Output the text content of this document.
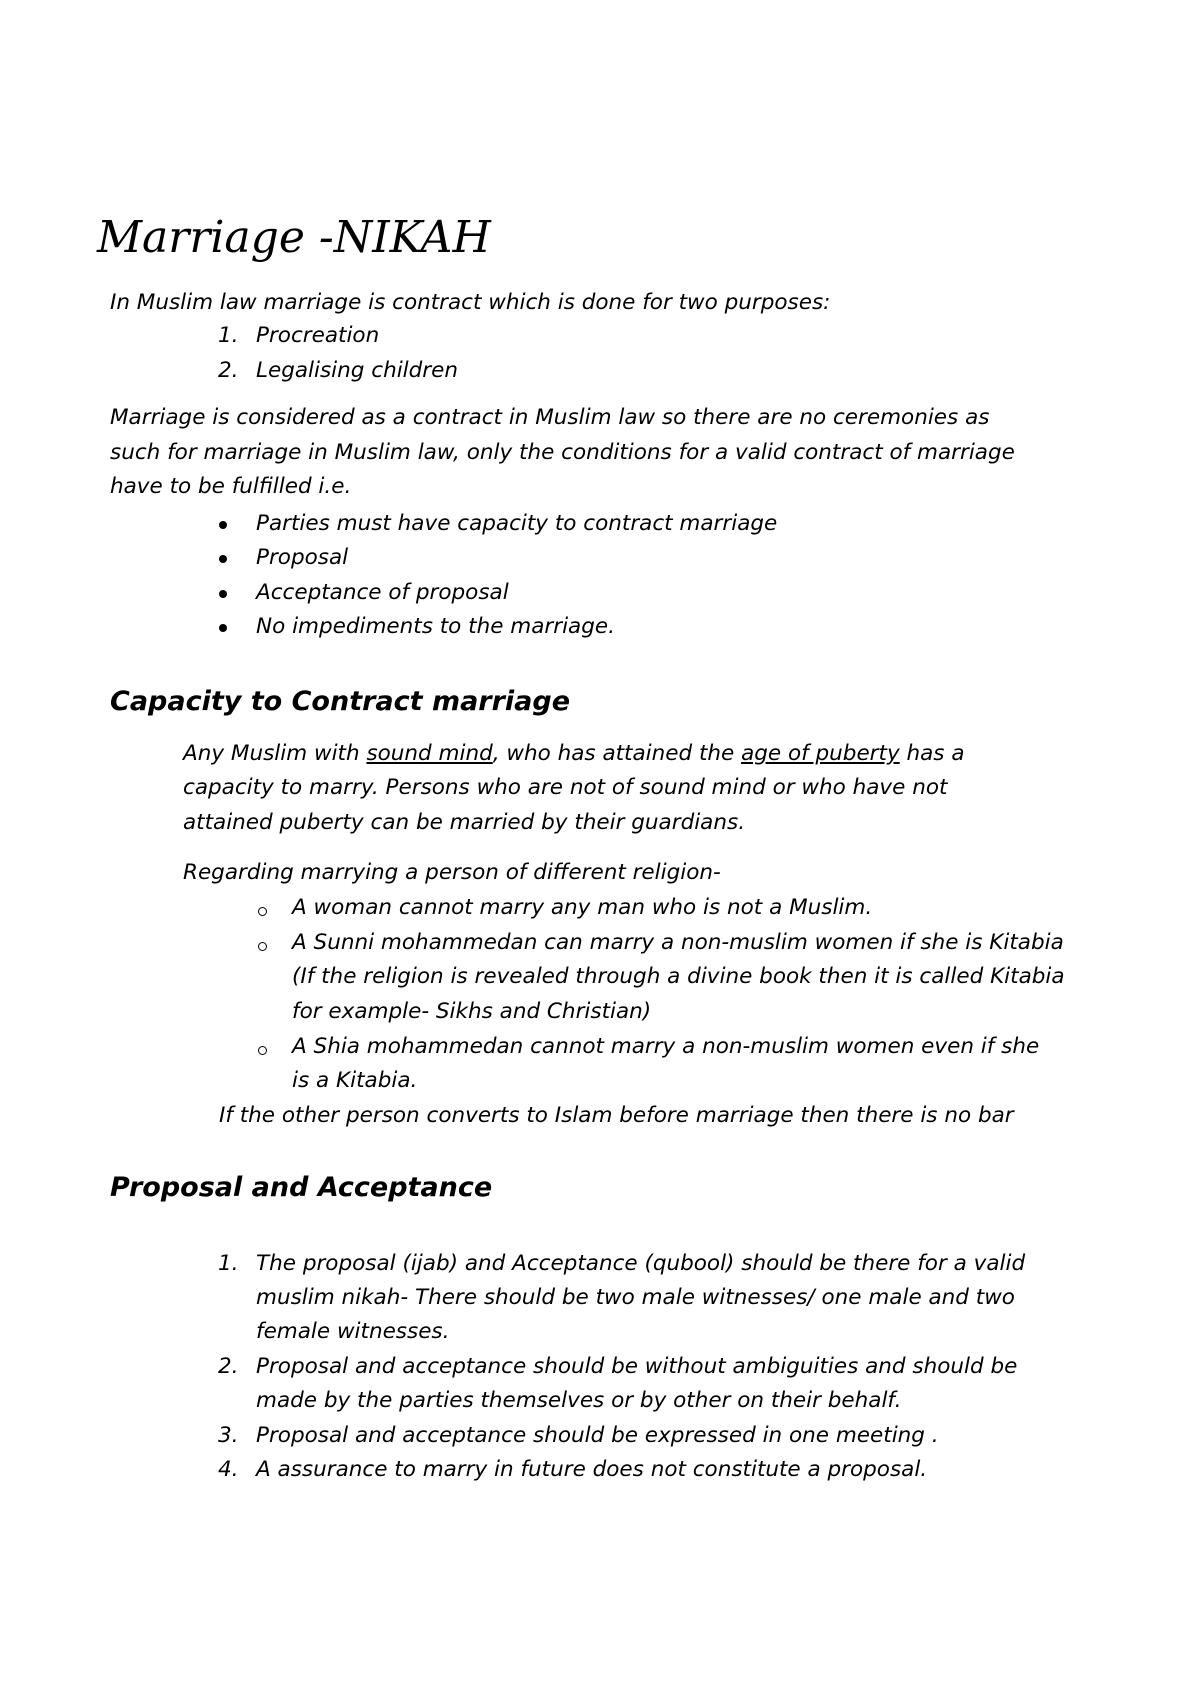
Marriage -NIKAH

In Muslim law marriage is contract which is done for two purposes:

1. Procreation

2. Legalising children

Marriage is considered as a contract in Muslim law so there are no ceremonies as

such for marriage in Muslim law, only the conditions for a valid contract of marriage

have to be fulfilled i.e.

Parties must have capacity to contract marriage

Proposal

Acceptance of proposal

No impediments to the marriage.

Capacity to Contract marriage

Any Muslim with sound mind, who has attained the age of puberty has a

capacity to marry. Persons who are not of sound mind or who have not

attained puberty can be married by their guardians.

Regarding marrying a person of different religion-

A woman cannot marry any man who is not a Muslim.

A Sunni mohammedan can marry a non-muslim women if she is Kitabia

(If the religion is revealed through a divine book then it is called Kitabia

for example- Sikhs and Christian)

A Shia mohammedan cannot marry a non-muslim women even if she

is a Kitabia.

If the other person converts to Islam before marriage then there is no bar

Proposal and Acceptance
1. The proposal (ijab) and Acceptance (qubool) should be there for a valid

muslim nikah- There should be two male witnesses/ one male and two

female witnesses.

2. Proposal and acceptance should be without ambiguities and should be

made by the parties themselves or by other on their behalf.

3. Proposal and acceptance should be expressed in one meeting .

4. A assurance to marry in future does not constitute a proposal.
